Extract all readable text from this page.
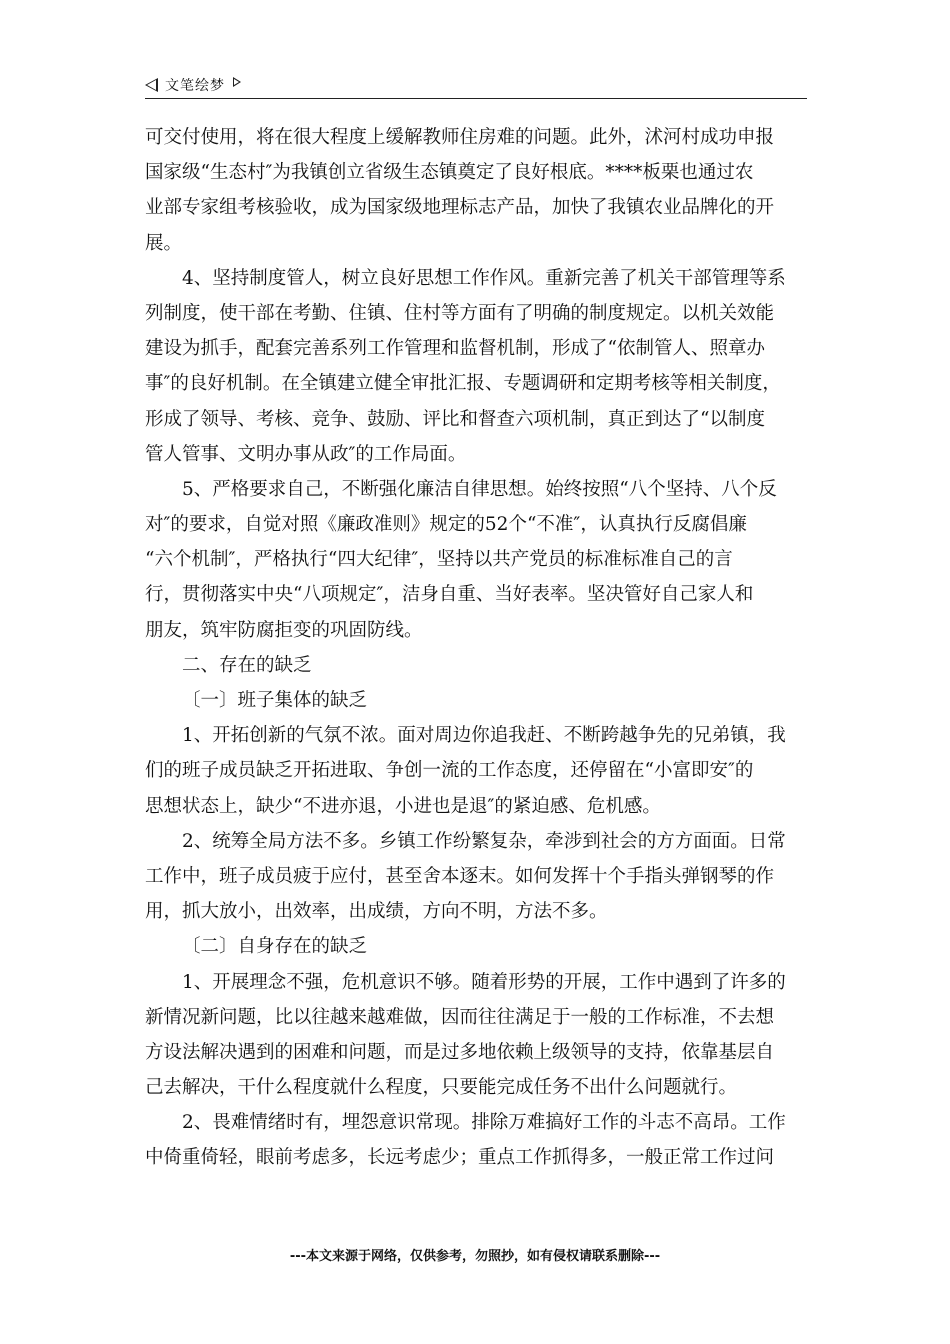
文笔绘梦
可交付使用，将在很大程度上缓解教师住房难的问题。此外，沭河村成功申报
国家级“生态村″为我镇创立省级生态镇奠定了良好根底。****板栗也通过农
业部专家组考核验收，成为国家级地理标志产品，加快了我镇农业品牌化的开
展。
4、坚持制度管人，树立良好思想工作作风。重新完善了机关干部管理等系
列制度，使干部在考勤、住镇、住村等方面有了明确的制度规定。以机关效能
建设为抓手，配套完善系列工作管理和监督机制，形成了“依制管人、照章办
事″的良好机制。在全镇建立健全审批汇报、专题调研和定期考核等相关制度，
形成了领导、考核、竞争、鼓励、评比和督查六项机制，真正到达了“以制度
管人管事、文明办事从政″的工作局面。
5、严格要求自己，不断强化廉洁自律思想。始终按照“八个坚持、八个反
对″的要求，自觉对照《廉政准则》规定的52个“不准″，认真执行反腐倡廉
“六个机制″，严格执行“四大纪律″，坚持以共产党员的标准标准自己的言
行，贯彻落实中央“八项规定″，洁身自重、当好表率。坚决管好自己家人和
朋友，筑牢防腐拒变的巩固防线。
二、存在的缺乏
〔一〕班子集体的缺乏
1、开拓创新的气氛不浓。面对周边你追我赶、不断跨越争先的兄弟镇，我
们的班子成员缺乏开拓进取、争创一流的工作态度，还停留在“小富即安″的
思想状态上，缺少“不进亦退，小进也是退″的紧迫感、危机感。
2、统筹全局方法不多。乡镇工作纷繁复杂，牵涉到社会的方方面面。日常
工作中，班子成员疲于应付，甚至舍本逐末。如何发挥十个手指头弹钢琴的作
用，抓大放小，出效率，出成绩，方向不明，方法不多。
〔二〕自身存在的缺乏
1、开展理念不强，危机意识不够。随着形势的开展，工作中遇到了许多的
新情况新问题，比以往越来越难做，因而往往满足于一般的工作标准，不去想
方设法解决遇到的困难和问题，而是过多地依赖上级领导的支持，依靠基层自
己去解决，干什么程度就什么程度，只要能完成任务不出什么问题就行。
2、畏难情绪时有，埋怨意识常现。排除万难搞好工作的斗志不高昂。工作
中倚重倚轻，眼前考虑多，长远考虑少；重点工作抓得多，一般正常工作过问
---本文来源于网络，仅供参考，勿照抄，如有侵权请联系删除---
